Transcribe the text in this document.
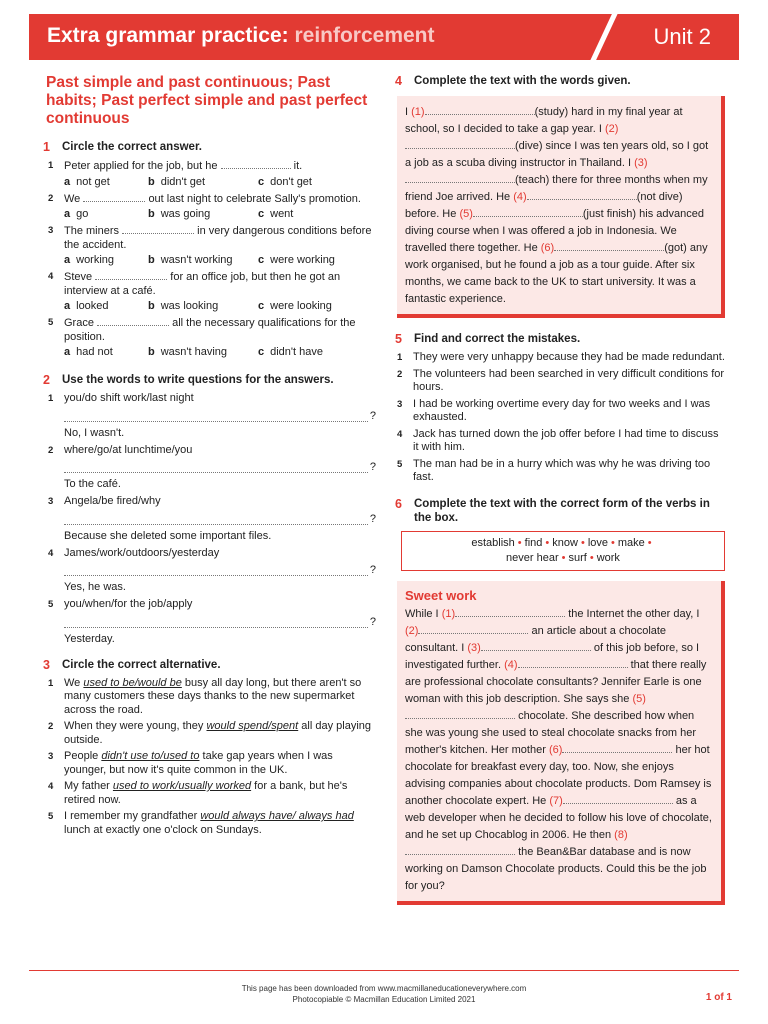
Extra grammar practice: reinforcement	Unit 2
Past simple and past continuous; Past habits; Past perfect simple and past perfect continuous
1	Circle the correct answer.
1 Peter applied for the job, but he	it.
a not get	b didn't get	c don't get
2 We	out last night to celebrate Sally's promotion.
a go	b was going	c went
3 The miners	in very dangerous conditions before the accident.
a working	b wasn't working	c were working
4 Steve	for an office job, but then he got an interview at a café.
a looked	b was looking	c were looking
5 Grace	all the necessary qualifications for the position.
a had not	b wasn't having	c didn't have
2	Use the words to write questions for the answers.
1 you/do shift work/last night
?
No, I wasn't.
2 where/go/at lunchtime/you
?
To the café.
3 Angela/be fired/why
?
Because she deleted some important files.
4 James/work/outdoors/yesterday
?
Yes, he was.
5 you/when/for the job/apply
?
Yesterday.
3	Circle the correct alternative.
1 We used to be/would be busy all day long, but there aren't so many customers these days thanks to the new supermarket across the road.
2 When they were young, they would spend/spent all day playing outside.
3 People didn't use to/used to take gap years when I was younger, but now it's quite common in the UK.
4 My father used to work/usually worked for a bank, but he's retired now.
5 I remember my grandfather would always have/ always had lunch at exactly one o'clock on Sundays.
4	Complete the text with the words given.
I (1)	(study) hard in my final year at school, so I decided to take a gap year. I (2)(dive) since I was ten years old, so I got a job as a scuba diving instructor in Thailand. I (3)(teach) there for three months when my friend Joe arrived. He (4)	(not dive) before. He (5)	(just finish) his advanced diving course when I was offered a job in Indonesia. We travelled there together. He (6)	(got) any work organised, but he found a job as a tour guide. After six months, we came back to the UK to start university. It was a fantastic experience.
5	Find and correct the mistakes.
1 They were very unhappy because they had be made redundant.
2 The volunteers had been searched in very difficult conditions for hours.
3 I had be working overtime every day for two weeks and I was exhausted.
4 Jack has turned down the job offer before I had time to discuss it with him.
5 The man had be in a hurry which was why he was driving too fast.
6	Complete the text with the correct form of the verbs in the box.
establish • find • know • love • make •
never hear • surf • work
Sweet work
While I (1)	the Internet the other day, I (2)	an article about a chocolate consultant. I (3)	of this job before, so I investigated further. (4)	that there really are professional chocolate consultants? Jennifer Earle is one woman with this job description. She says she (5) chocolate. She described how when she was young she used to steal chocolate snacks from her mother's kitchen. Her mother (6)	her hot chocolate for breakfast every day, too. Now, she enjoys advising companies about chocolate products. Dom Ramsey is another chocolate expert. He (7)	as a web developer when he decided to follow his love of chocolate, and he set up Chocablog in 2006. He then (8) the Bean&Bar database and is now working on Damson Chocolate products. Could this be the job for you?
This page has been downloaded from www.macmillaneducationeverywhere.com
Photocopiable © Macmillan Education Limited 2021	1 of 1
